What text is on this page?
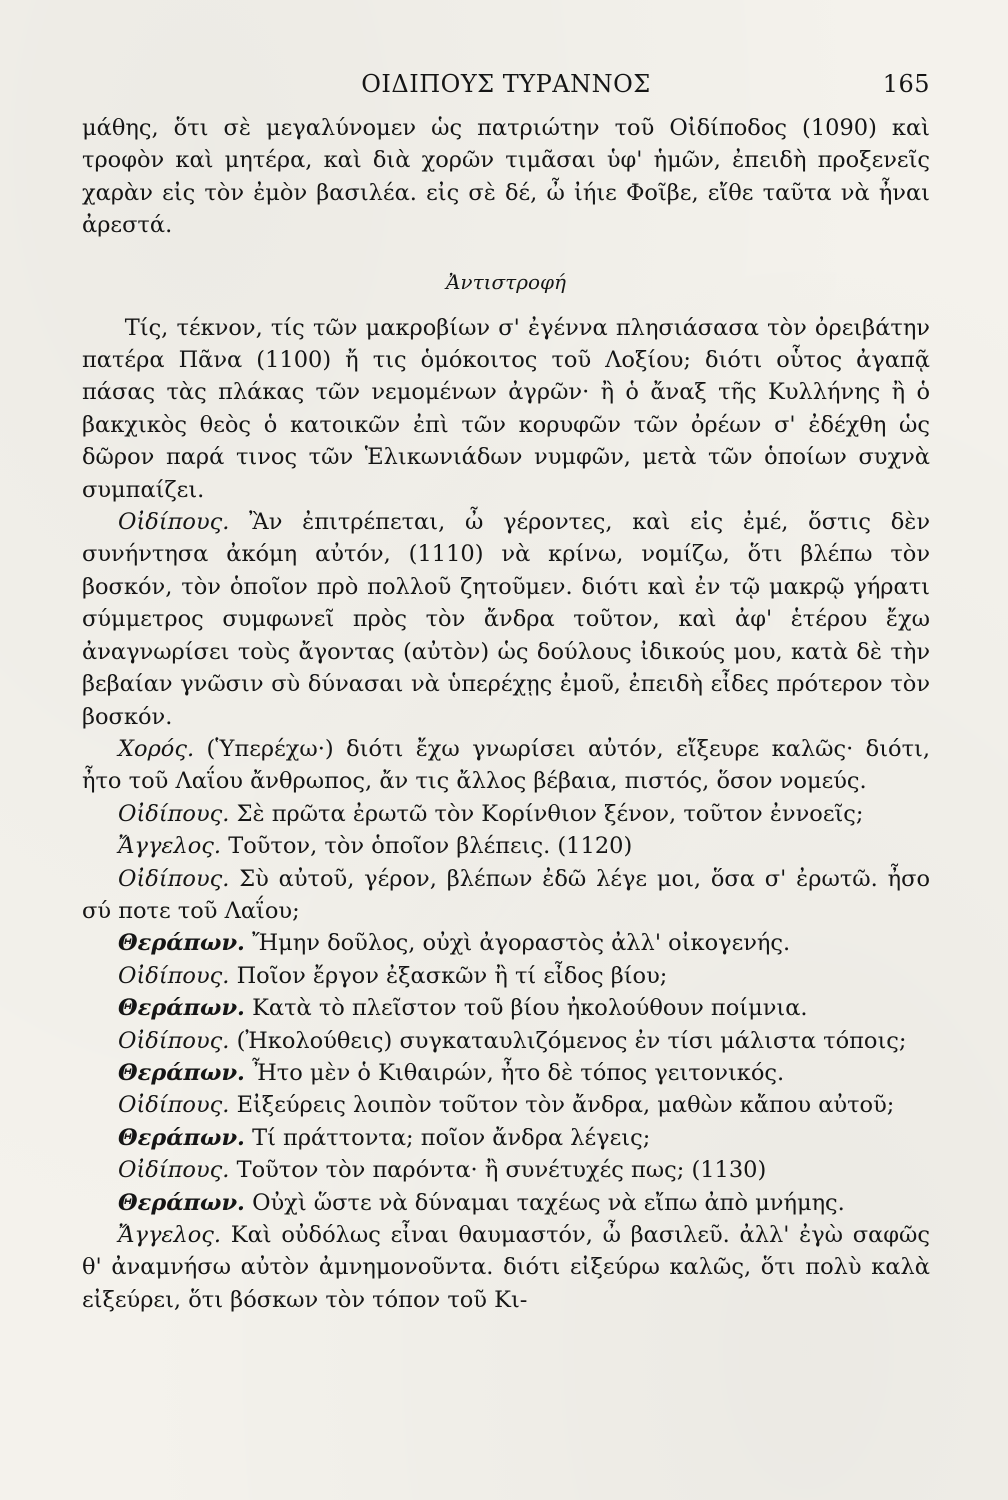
ΟΙΔΙΠΟΥΣ ΤΥΡΑΝΝΟΣ	165

μάθης, ὅτι σὲ μεγαλύνομεν ὡς πατριώτην τοῦ Οἰδίποδος (1090) καὶ τροφὸν καὶ μητέρα, καὶ διὰ χορῶν τιμᾶσαι ὑφ' ἡμῶν, ἐπειδὴ προξενεῖς χαρὰν εἰς τὸν ἐμὸν βασιλέα. εἰς σὲ δέ, ὦ ἰήιε Φοῖβε, εἴθε ταῦτα νὰ ἦναι ἀρεστά.

Ἀντιστροφή

Τίς, τέκνον, τίς τῶν μακροβίων σ' ἐγέννα πλησιάσασα τὸν ὀρειβάτην πατέρα Πᾶνα (1100) ἤ τις ὁμόκοιτος τοῦ Λοξίου; διότι οὗτος ἀγαπᾷ πάσας τὰς πλάκας τῶν νεμομένων ἀγρῶν· ἢ ὁ ἄναξ τῆς Κυλλήνης ἢ ὁ βακχικὸς θεὸς ὁ κατοικῶν ἐπὶ τῶν κορυφῶν τῶν ὀρέων σ' ἐδέχθη ὡς δῶρον παρά τινος τῶν Ἑλικωνιάδων νυμφῶν, μετὰ τῶν ὁποίων συχνὰ συμπαίζει.

Οἰδίπους. Ἂν ἐπιτρέπεται, ὦ γέροντες, καὶ εἰς ἐμέ, ὅστις δὲν συνήντησα ἀκόμη αὐτόν, (1110) νὰ κρίνω, νομίζω, ὅτι βλέπω τὸν βοσκόν, τὸν ὁποῖον πρὸ πολλοῦ ζητοῦμεν. διότι καὶ ἐν τῷ μακρῷ γήρατι σύμμετρος συμφωνεῖ πρὸς τὸν ἄνδρα τοῦτον, καὶ ἀφ' ἑτέρου ἔχω ἀναγνωρίσει τοὺς ἄγοντας (αὐτὸν) ὡς δούλους ἰδικούς μου, κατὰ δὲ τὴν βεβαίαν γνῶσιν σὺ δύνασαι νὰ ὑπερέχῃς ἐμοῦ, ἐπειδὴ εἶδες πρότερον τὸν βοσκόν.

Χορός. (Ὑπερέχω·) διότι ἔχω γνωρίσει αὐτόν, εἴξευρε καλῶς· διότι, ἦτο τοῦ Λαΐου ἄνθρωπος, ἄν τις ἄλλος βέβαια, πιστός, ὅσον νομεύς.

Οἰδίπους. Σὲ πρῶτα ἐρωτῶ τὸν Κορίνθιον ξένον, τοῦτον ἐννοεῖς;

Ἄγγελος. Τοῦτον, τὸν ὁποῖον βλέπεις. (1120)

Οἰδίπους. Σὺ αὐτοῦ, γέρον, βλέπων ἐδῶ λέγε μοι, ὅσα σ' ἐρωτῶ. ἦσο σύ ποτε τοῦ Λαΐου;

Θεράπων. Ἤμην δοῦλος, οὐχὶ ἀγοραστὸς ἀλλ' οἰκογενής.

Οἰδίπους. Ποῖον ἔργον ἐξασκῶν ἢ τί εἶδος βίου;

Θεράπων. Κατὰ τὸ πλεῖστον τοῦ βίου ἠκολούθουν ποίμνια.

Οἰδίπους. (Ἠκολούθεις) συγκαταυλιζόμενος ἐν τίσι μάλιστα τόποις;

Θεράπων. Ἦτο μὲν ὁ Κιθαιρών, ἦτο δὲ τόπος γειτονικός.

Οἰδίπους. Εἰξεύρεις λοιπὸν τοῦτον τὸν ἄνδρα, μαθὼν κἄπου αὐτοῦ;

Θεράπων. Τί πράττοντα; ποῖον ἄνδρα λέγεις;

Οἰδίπους. Τοῦτον τὸν παρόντα· ἢ συνέτυχές πως; (1130)

Θεράπων. Οὐχὶ ὥστε νὰ δύναμαι ταχέως νὰ εἴπω ἀπὸ μνήμης.

Ἄγγελος. Καὶ οὐδόλως εἶναι θαυμαστόν, ὦ βασιλεῦ. ἀλλ' ἐγὼ σαφῶς θ' ἀναμνήσω αὐτὸν ἀμνημονοῦντα. διότι εἰξεύρω καλῶς, ὅτι πολὺ καλὰ εἰξεύρει, ὅτι βόσκων τὸν τόπον τοῦ Κι-
